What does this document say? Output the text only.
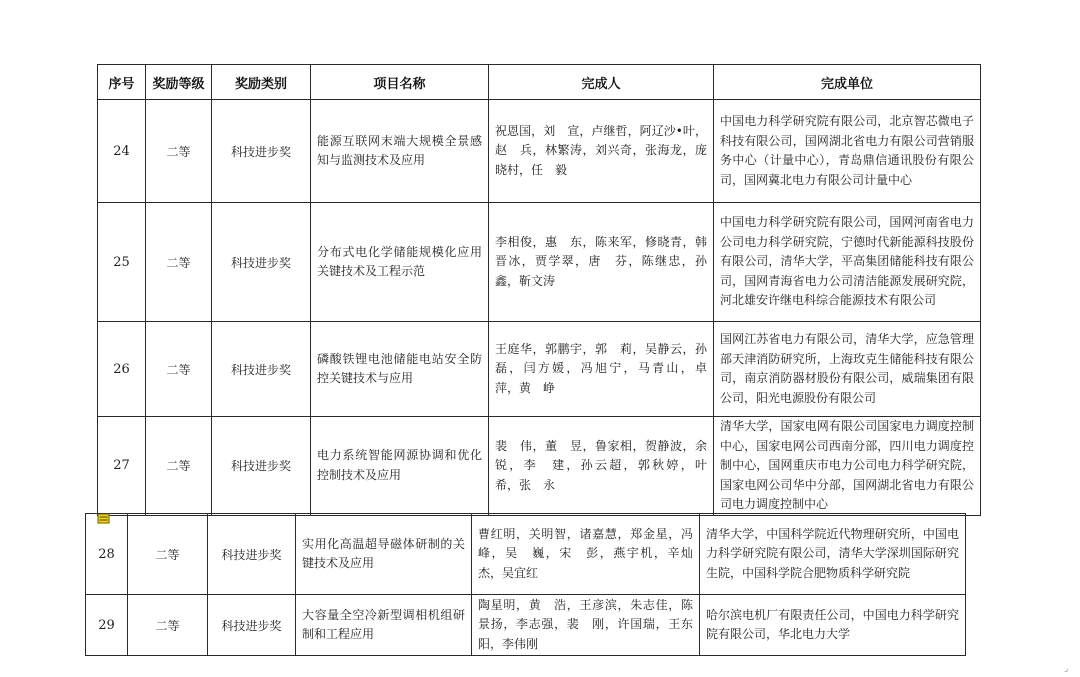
序号	奖励等级	奖励类别	项目名称	完成人	完成单位
24	二等	科技进步奖	能源互联网末端大规模全景感知与监测技术及应用	祝恩国，刘　宣，卢继哲，阿辽沙•叶，赵　兵，林繁涛，刘兴奇，张海龙，庞晓村，任　毅	中国电力科学研究院有限公司，北京智芯微电子科技有限公司，国网湖北省电力有限公司营销服务中心（计量中心），青岛鼎信通讯股份有限公司，国网冀北电力有限公司计量中心
25	二等	科技进步奖	分布式电化学储能规模化应用关键技术及工程示范	李相俊，惠　东，陈来军，修晓青，韩晋冰，贾学翠，唐　芬，陈继忠，孙　鑫，靳文涛	中国电力科学研究院有限公司，国网河南省电力公司电力科学研究院，宁德时代新能源科技股份有限公司，清华大学，平高集团储能科技有限公司，国网青海省电力公司清洁能源发展研究院，河北雄安许继电科综合能源技术有限公司
26	二等	科技进步奖	磷酸铁锂电池储能电站安全防控关键技术与应用	王庭华，郭鹏宇，郭　莉，吴静云，孙　磊，闫方媛，冯旭宁，马青山，卓　萍，黄　峥	国网江苏省电力有限公司，清华大学，应急管理部天津消防研究所，上海玫克生储能科技有限公司，南京消防器材股份有限公司，威瑞集团有限公司，阳光电源股份有限公司
27	二等	科技进步奖	电力系统智能网源协调和优化控制技术及应用	裴　伟，董　昱，鲁家相，贺静波，余　锐，李　建，孙云超，郭秋婷，叶　希，张　永	清华大学，国家电网有限公司国家电力调度控制中心，国家电网公司西南分部，四川电力调度控制中心，国网重庆市电力公司电力科学研究院，国家电网公司华中分部，国网湖北省电力有限公司电力调度控制中心
28	二等	科技进步奖	实用化高温超导磁体研制的关键技术及应用	曹红明，关明智，诸嘉慧，郑金星，冯　峰，吴　巍，宋　彭，燕宇机，辛灿杰，吴宜红	清华大学，中国科学院近代物理研究所，中国电力科学研究院有限公司，清华大学深圳国际研究生院，中国科学院合肥物质科学研究院
29	二等	科技进步奖	大容量全空冷新型调相机组研制和工程应用	陶星明，黄　浩，王彦滨，朱志佳，陈景扬，李志强，裴　刚，许国瑞，王东阳，李伟刚	哈尔滨电机厂有限责任公司，中国电力科学研究院有限公司，华北电力大学
⌟
